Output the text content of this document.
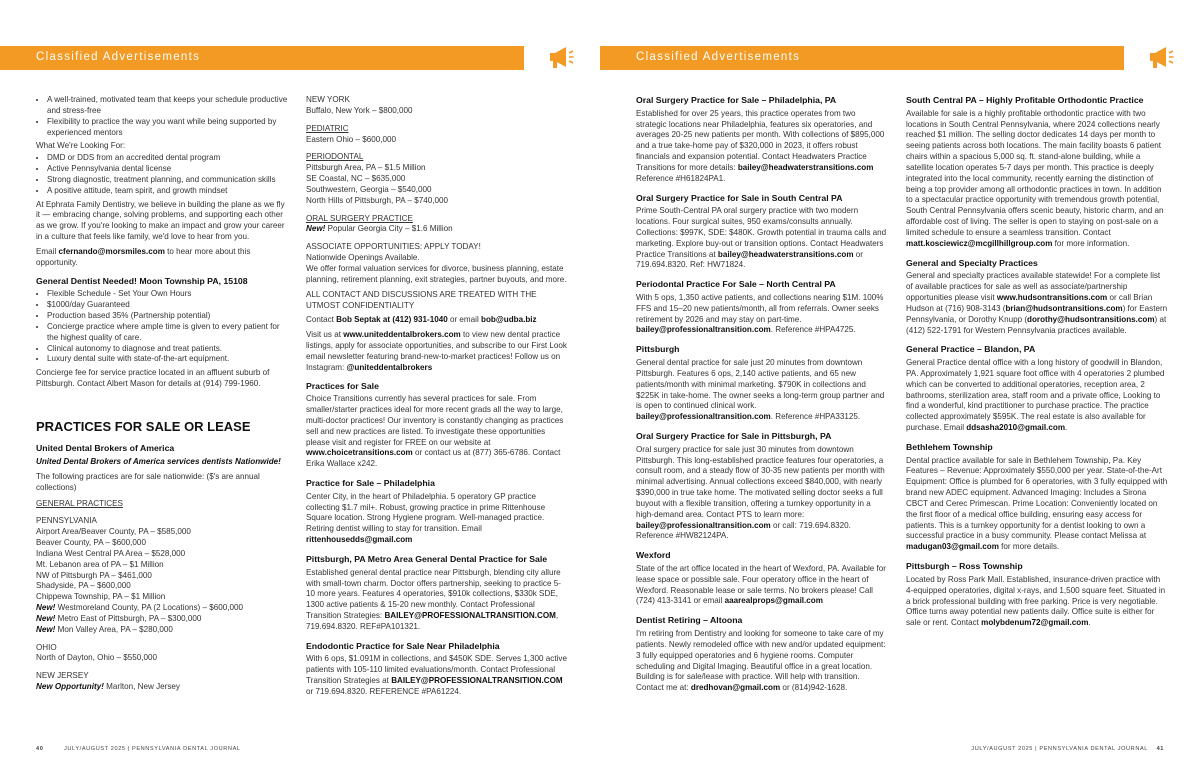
Classified Advertisements
• A well-trained, motivated team that keeps your schedule productive and stress-free
• Flexibility to practice the way you want while being supported by experienced mentors

What We're Looking For:

• DMD or DDS from an accredited dental program
• Active Pennsylvania dental license
• Strong diagnostic, treatment planning, and communication skills
• A positive attitude, team spirit, and growth mindset

At Ephrata Family Dentistry, we believe in building the plane as we fly it — embracing change, solving problems, and supporting each other as we grow. If you're looking to make an impact and grow your career in a culture that feels like family, we'd love to hear from you.

Email cfernando@morsmiles.com to hear more about this opportunity.

General Dentist Needed! Moon Township PA, 15108
• Flexible Schedule - Set Your Own Hours
• $1000/day Guaranteed
• Production based 35% (Partnership potential)
• Concierge practice where ample time is given to every patient for the highest quality of care.
• Clinical autonomy to diagnose and treat patients.
• Luxury dental suite with state-of-the-art equipment.

Concierge fee for service practice located in an affluent suburb of Pittsburgh. Contact Albert Mason for details at (914) 799-1960.

PRACTICES FOR SALE OR LEASE
United Dental Brokers of America

United Dental Brokers of America services dentists Nationwide!

The following practices are for sale nationwide: ($'s are annual collections)

GENERAL PRACTICES
PENNSYLVANIA
Airport Area/Beaver County, PA – $585,000
Beaver County, PA – $600,000
Indiana West Central PA Area – $528,000
Mt. Lebanon area of PA – $1 Million
NW of Pittsburgh PA – $461,000
Shadyside, PA – $600,000
Chippewa Township, PA – $1 Million
New! Westmoreland County, PA (2 Locations) – $600,000
New! Metro East of Pittsburgh, PA – $300,000
New! Mon Valley Area, PA – $280,000
OHIO
North of Dayton, Ohio – $550,000
NEW JERSEY
New Opportunity! Marlton, New Jersey
NEW YORK
Buffalo, New York – $800,000
PEDIATRIC
Eastern Ohio – $600,000
PERIODONTAL
Pittsburgh Area, PA – $1.5 Million
SE Coastal, NC – $635,000
Southwestern, Georgia – $540,000
North Hills of Pittsburgh, PA – $740,000
ORAL SURGERY PRACTICE
New! Popular Georgia City – $1.6 Million
ASSOCIATE OPPORTUNITIES: APPLY TODAY!
Nationwide Openings Available.

We offer formal valuation services for divorce, business planning, estate planning, retirement planning, exit strategies, partner buyouts, and more.

ALL CONTACT AND DISCUSSIONS ARE TREATED WITH THE UTMOST CONFIDENTIALITY

Contact Bob Septak at (412) 931-1040 or email bob@udba.biz

Visit us at www.uniteddentalbrokers.com to view new dental practice listings, apply for associate opportunities, and subscribe to our First Look email newsletter featuring brand-new-to-market practices! Follow us on Instagram: @uniteddentalbrokers

Practices for Sale

Choice Transitions currently has several practices for sale. From smaller/starter practices ideal for more recent grads all the way to large, multi-doctor practices! Our inventory is constantly changing as practices sell and new practices are listed. To investigate these opportunities please visit and register for FREE on our website at www.choicetransitions.com or contact us at (877) 365-6786. Contact Erika Wallace x242.

Practice for Sale – Philadelphia

Center City, in the heart of Philadelphia. 5 operatory GP practice collecting $1.7 mil+. Robust, growing practice in prime Rittenhouse Square location. Strong Hygiene program. Well-managed practice. Retiring dentist willing to stay for transition. Email rittenhousedds@gmail.com

Pittsburgh, PA Metro Area General Dental Practice for Sale

Established general dental practice near Pittsburgh, blending city allure with small-town charm. Doctor offers partnership, seeking to practice 5-10 more years. Features 4 operatories, $910k collections, $330k SDE, 1300 active patients & 15-20 new monthly. Contact Professional Transition Strategies: BAILEY@PROFESSIONALTRANSITION.COM, 719.694.8320. REF#PA101321.

Endodontic Practice for Sale Near Philadelphia

With 6 ops, $1.091M in collections, and $450K SDE. Serves 1,300 active patients with 105-110 limited evaluations/month. Contact Professional Transition Strategies at BAILEY@PROFESSIONALTRANSITION.COM or 719.694.8320. REFERENCE #PA61224.

40	JULY/AUGUST 2025 | PENNSYLVANIA DENTAL JOURNAL
Classified Advertisements
Oral Surgery Practice for Sale – Philadelphia, PA

Established for over 25 years, this practice operates from two strategic locations near Philadelphia, features six operatories, and averages 20-25 new patients per month. With collections of $895,000 and a true take-home pay of $320,000 in 2023, it offers robust financials and expansion potential. Contact Headwaters Practice Transitions for more details: bailey@headwaterstransitions.com Reference #H61824PA1.

Oral Surgery Practice for Sale in South Central PA

Prime South-Central PA oral surgery practice with two modern locations. Four surgical suites, 950 exams/consults annually. Collections: $997K, SDE: $480K. Growth potential in trauma calls and marketing. Explore buy-out or transition options. Contact Headwaters Practice Transitions at bailey@headwaterstransitions.com or 719.694.8320. Ref: HW71824.

Periodontal Practice For Sale – North Central PA

With 5 ops, 1,350 active patients, and collections nearing $1M. 100% FFS and 15–20 new patients/month, all from referrals. Owner seeks retirement by 2026 and may stay on part-time. bailey@professionaltransition.com. Reference #HPA4725.

Pittsburgh

General dental practice for sale just 20 minutes from downtown Pittsburgh. Features 6 ops, 2,140 active patients, and 65 new patients/month with minimal marketing. $790K in collections and $225K in take-home. The owner seeks a long-term group partner and is open to continued clinical work. bailey@professionaltransition.com. Reference #HPA33125.

Oral Surgery Practice for Sale in Pittsburgh, PA

Oral surgery practice for sale just 30 minutes from downtown Pittsburgh. This long-established practice features four operatories, a consult room, and a steady flow of 30-35 new patients per month with minimal advertising. Annual collections exceed $840,000, with nearly $390,000 in true take home. The motivated selling doctor seeks a full buyout with a flexible transition, offering a turnkey opportunity in a high-demand area. Contact PTS to learn more: bailey@professionaltransition.com or call: 719.694.8320. Reference #HW82124PA.

Wexford

State of the art office located in the heart of Wexford, PA. Available for lease space or possible sale. Four operatory office in the heart of Wexford. Reasonable lease or sale terms. No brokers please! Call (724) 413-3141 or email aaarealprops@gmail.com

Dentist Retiring – Altoona

I'm retiring from Dentistry and looking for someone to take care of my patients. Newly remodeled office with new and/or updated equipment: 3 fully equipped operatories and 6 hygiene rooms. Computer scheduling and Digital Imaging. Beautiful office in a great location. Building is for sale/lease with practice. Will help with transition. Contact me at: dredhovan@gmail.com or (814)942-1628.

South Central PA – Highly Profitable Orthodontic Practice

Available for sale is a highly profitable orthodontic practice with two locations in South Central Pennsylvania, where 2024 collections nearly reached $1 million. The selling doctor dedicates 14 days per month to seeing patients across both locations. The main facility boasts 6 patient chairs within a spacious 5,000 sq. ft. stand-alone building, while a satellite location operates 5-7 days per month. This practice is deeply integrated into the local community, recently earning the distinction of being a top provider among all orthodontic practices in town. In addition to a spectacular practice opportunity with tremendous growth potential, South Central Pennsylvania offers scenic beauty, historic charm, and an affordable cost of living. The seller is open to staying on post-sale on a limited schedule to ensure a seamless transition. Contact matt.kosciewicz@mcgillhillgroup.com for more information.

General and Specialty Practices

General and specialty practices available statewide! For a complete list of available practices for sale as well as associate/partnership opportunities please visit www.hudsontransitions.com or call Brian Hudson at (716) 908-3143 (brian@hudsontransitions.com) for Eastern Pennsylvania, or Dorothy Knupp (dorothy@hudsontransitions.com) at (412) 522-1791 for Western Pennsylvania practices available.

General Practice – Blandon, PA

General Practice dental office with a long history of goodwill in Blandon, PA. Approximately 1,921 square foot office with 4 operatories 2 plumbed which can be converted to additional operatories, reception area, 2 bathrooms, sterilization area, staff room and a private office, Looking to find a wonderful, kind practitioner to purchase practice. The practice collected approximately $595K. The real estate is also available for purchase. Email ddsasha2010@gmail.com.

Bethlehem Township

Dental practice available for sale in Bethlehem Township, Pa. Key Features – Revenue: Approximately $550,000 per year. State-of-the-Art Equipment: Office is plumbed for 6 operatories, with 3 fully equipped with brand new ADEC equipment. Advanced Imaging: Includes a Sirona CBCT and Cerec Primescan. Prime Location: Conveniently located on the first floor of a medical office building, ensuring easy access for patients. This is a turnkey opportunity for a dentist looking to own a successful practice in a busy community. Please contact Melissa at madugan03@gmail.com for more details.

Pittsburgh – Ross Township

Located by Ross Park Mall. Established, insurance-driven practice with 4-equipped operatories, digital x-rays, and 1,500 square feet. Situated in a brick professional building with free parking. Price is very negotiable. Office turns away potential new patients daily. Office suite is either for sale or rent. Contact molybdenum72@gmail.com.

JULY/AUGUST 2025 | PENNSYLVANIA DENTAL JOURNAL 41
